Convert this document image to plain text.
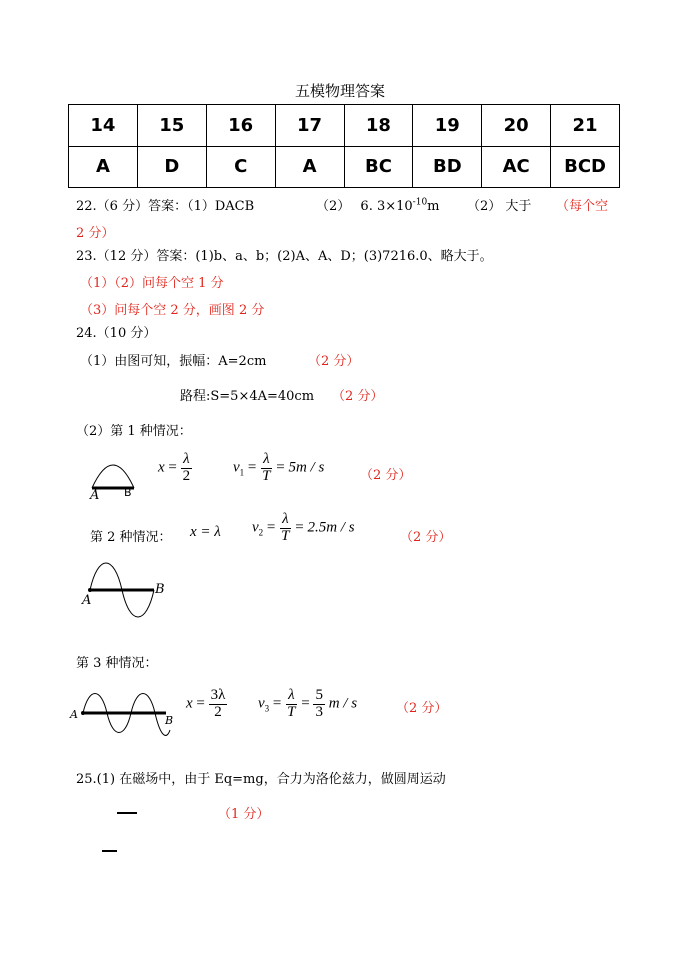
五模物理答案
14	15	16	17	18	19	20	21
A	D	C	A	BC	BD	AC	BCD
22.（6 分）答案：（1）DACB	（2） 6. $3\times 10^{-10}m$ （2） 大于 （每个空
2 分）
23.（12 分）答案：(1)b、a、b；(2)A、A、D；(3)7216.0、略大于。
（1）（2）问每个空 1 分
（3）问每个空 2 分，画图 2 分
24.（10 分）
（1）由图可知，振幅：A=2cm	（2 分）
路程:S=5×4A=40cm （2 分）
（2）第 1 种情况：
A B
$x = \frac{\lambda}{2}$	$v_1 = \frac{\lambda}{T} = 5m / s$	（2 分）
第 2 种情况： x = λ $v_2 = \frac{\lambda}{T} = 2.5m / s$
（2 分）
A
B
第 3 种情况：
A	B
$x = \frac{3\lambda}{2} v_3 = \frac{\lambda}{T} = \frac{5}{3}$ m / s	（2 分）
25.(1) 在磁场中，由于 Eq=mg，合力为洛伦兹力，做圆周运动
（1 分）
